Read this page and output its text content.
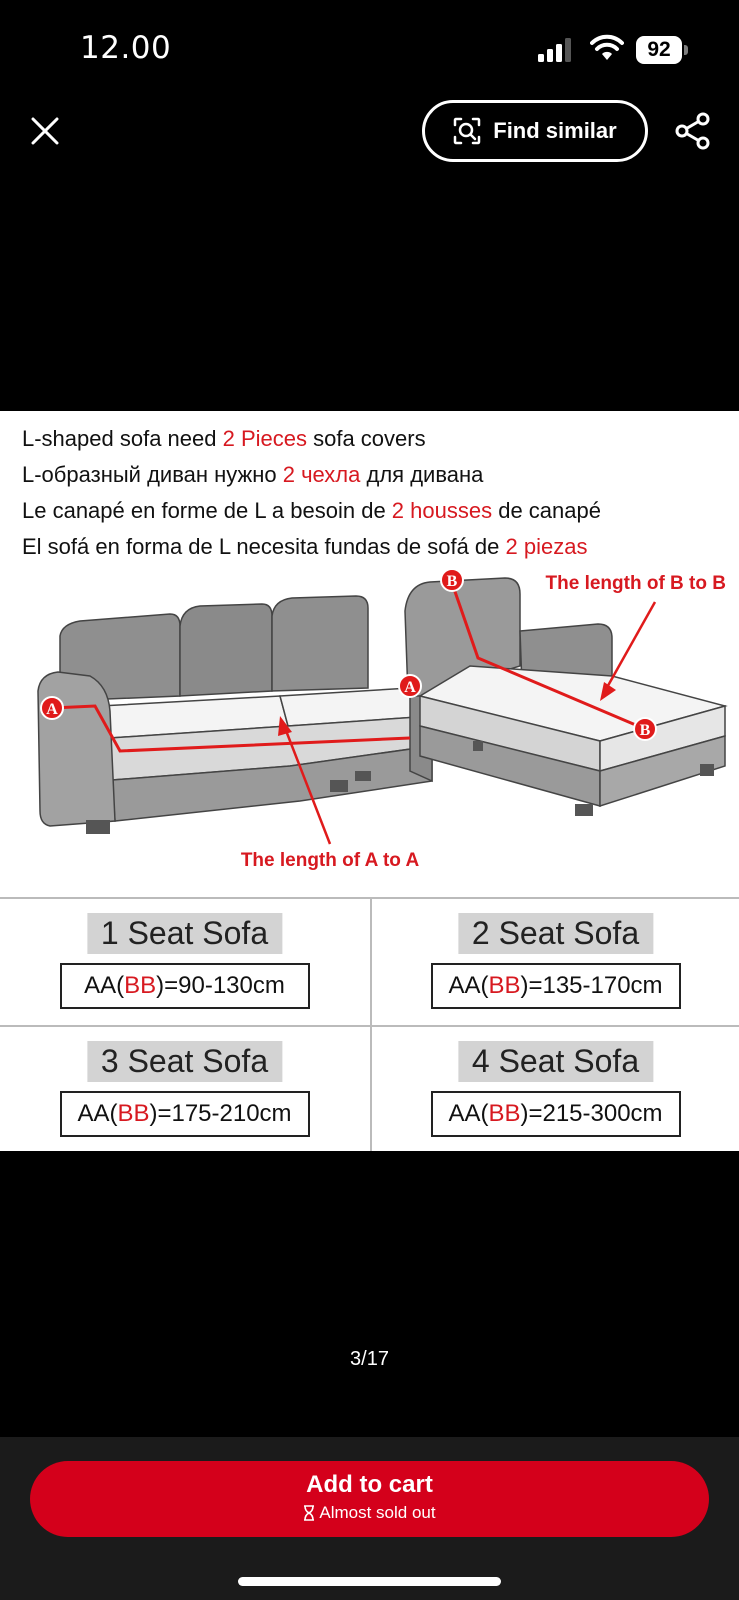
12.00	92
Find similar
L-shaped sofa need 2 Pieces sofa covers
L-образный диван нужно 2 чехла для дивана
Le canapé en forme de L a besoin de 2 housses de canapé
El sofá en forma de L necesita fundas de sofá de 2 piezas
A
A
B
B
The length of B to B
The length of A to A
1 Seat Sofa
AA(BB)=90-130cm
2 Seat Sofa
AA(BB)=135-170cm
3 Seat Sofa
AA(BB)=175-210cm
4 Seat Sofa
AA(BB)=215-300cm
3/17
Add to cart
Almost sold out
